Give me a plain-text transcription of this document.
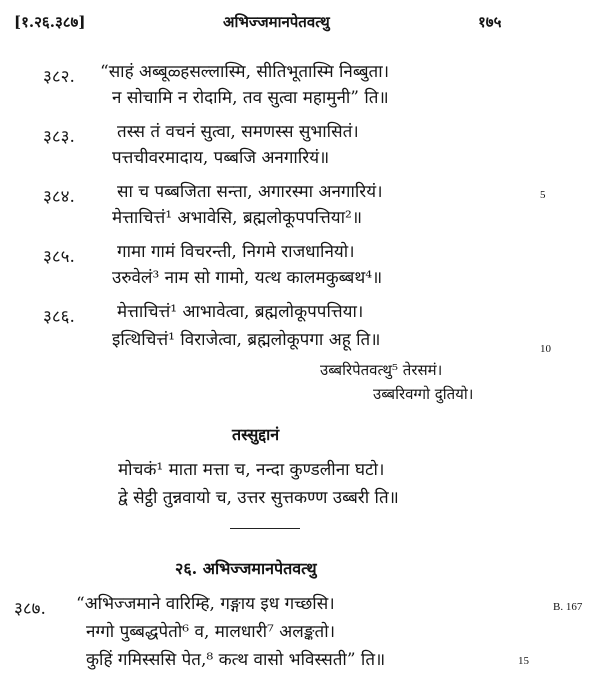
[१.२६.३८७]	अभिज्जमानपेतवत्थु	१७५
३८२. “साहं अब्बूळ्हसल्लास्मि, सीतिभूतास्मि निब्बुता।
न सोचामि न रोदामि, तव सुत्वा महामुनी” ति॥
३८३. तस्स तं वचनं सुत्वा, समणस्स सुभासितं।
पत्तचीवरमादाय, पब्बजि अनगारियं॥
३८४. सा च पब्बजिता सन्ता, अगारस्मा अनगारियं।
मेत्ताचित्तं¹ अभावेसि, ब्रह्मलोकूपपत्तिया²॥
5
३८५. गामा गामं विचरन्ती, निगमे राजधानियो।
उरुवेलं³ नाम सो गामो, यत्थ कालमकुब्बथ⁴॥
३८६. मेत्ताचित्तं¹ आभावेत्वा, ब्रह्मलोकूपपत्तिया।
इत्थिचित्तं¹ विराजेत्वा, ब्रह्मलोकूपगा अहू ति॥	10
उब्बरिपेतवत्थु⁵ तेरसमं।
उब्बरिवग्गो दुतियो।
तस्सुद्दानं
मोचकं¹ माता मत्ता च, नन्दा कुण्डलीना घटो।
द्वे सेट्ठी तुन्नवायो च, उत्तर सुत्तकण्ण उब्बरी ति॥
२६. अभिज्जमानपेतवत्थु
३८७. “अभिज्जमाने वारिम्हि, गङ्गाय इध गच्छसि।
नग्गो पुब्बद्धपेतो⁶ व, मालधारी⁷ अलङ्कतो।
कुहिं गमिस्ससि पेत,⁸ कत्थ वासो भविस्सती” ति॥
B. 167
15
